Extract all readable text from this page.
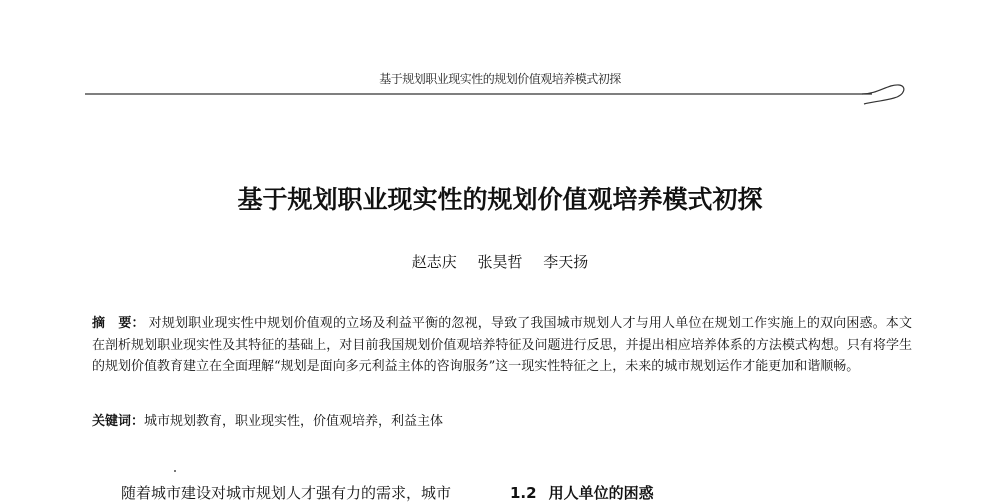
基于规划职业现实性的规划价值观培养模式初探
基于规划职业现实性的规划价值观培养模式初探
赵志庆 张昊哲 李天扬
摘　要： 对规划职业现实性中规划价值观的立场及利益平衡的忽视，导致了我国城市规划人才与用人单位在规划工作实施上的双向困惑。本文在剖析规划职业现实性及其特征的基础上，对目前我国规划价值观培养特征及问题进行反思，并提出相应培养体系的方法模式构想。只有将学生的规划价值教育建立在全面理解“规划是面向多元利益主体的咨询服务”这一现实性特征之上，未来的城市规划运作才能更加和谐顺畅。
关键词：城市规划教育，职业现实性，价值观培养，利益主体
随着城市建设对城市规划人才强有力的需求，城市	1.2 用人单位的困惑
